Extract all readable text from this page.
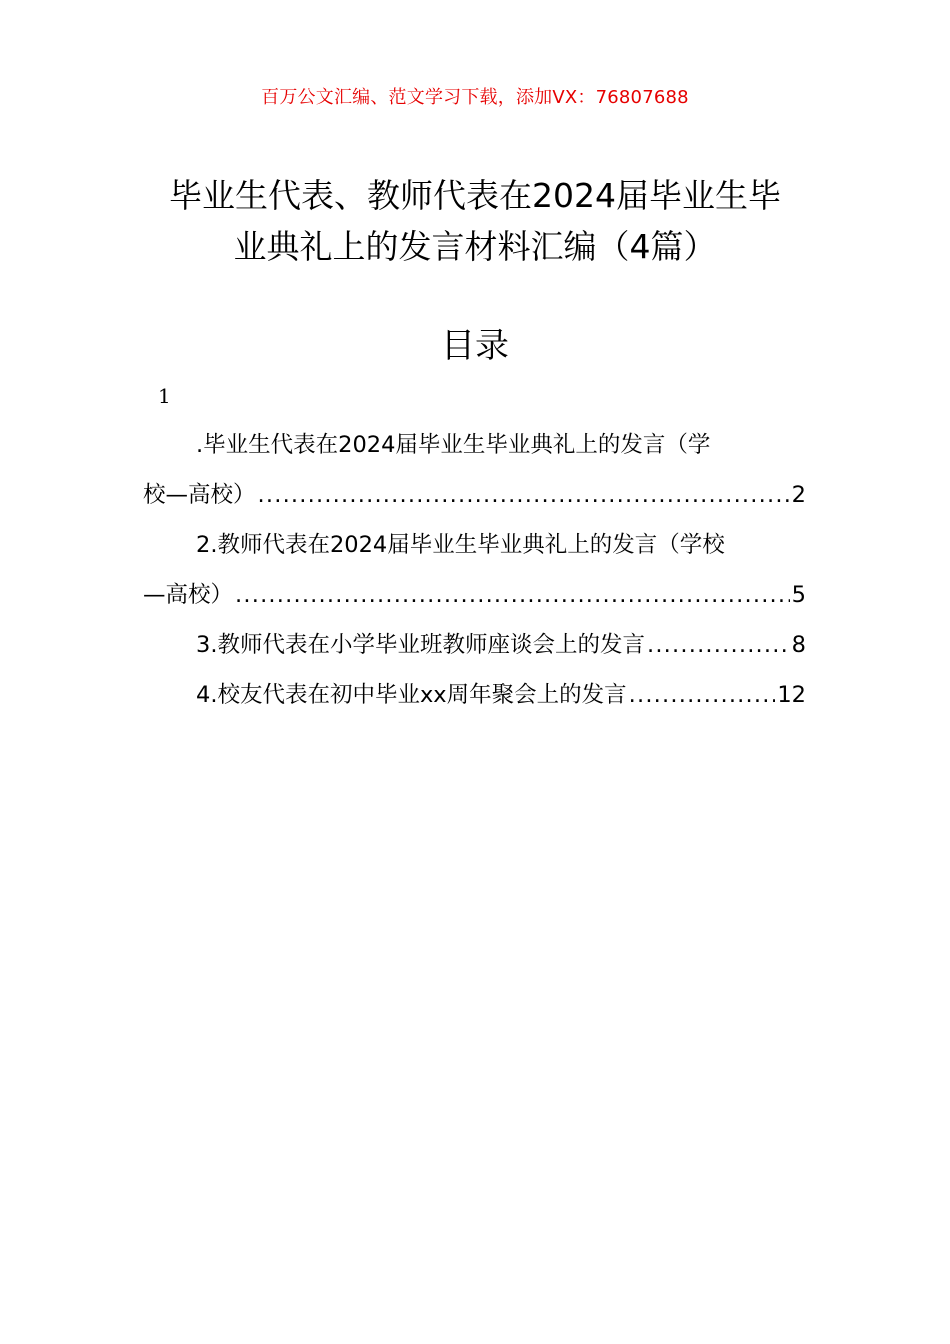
百万公文汇编、范文学习下载，添加VX：76807688
毕业生代表、教师代表在2024届毕业生毕
业典礼上的发言材料汇编（4篇）
目录
1
.毕业生代表在2024届毕业生毕业典礼上的发言（学
校—高校） .....	2
2.教师代表在2024届毕业生毕业典礼上的发言（学校
—高校） .....	5
3.教师代表在小学毕业班教师座谈会上的发言 .....	8
4.校友代表在初中毕业xx周年聚会上的发言 .....	12
